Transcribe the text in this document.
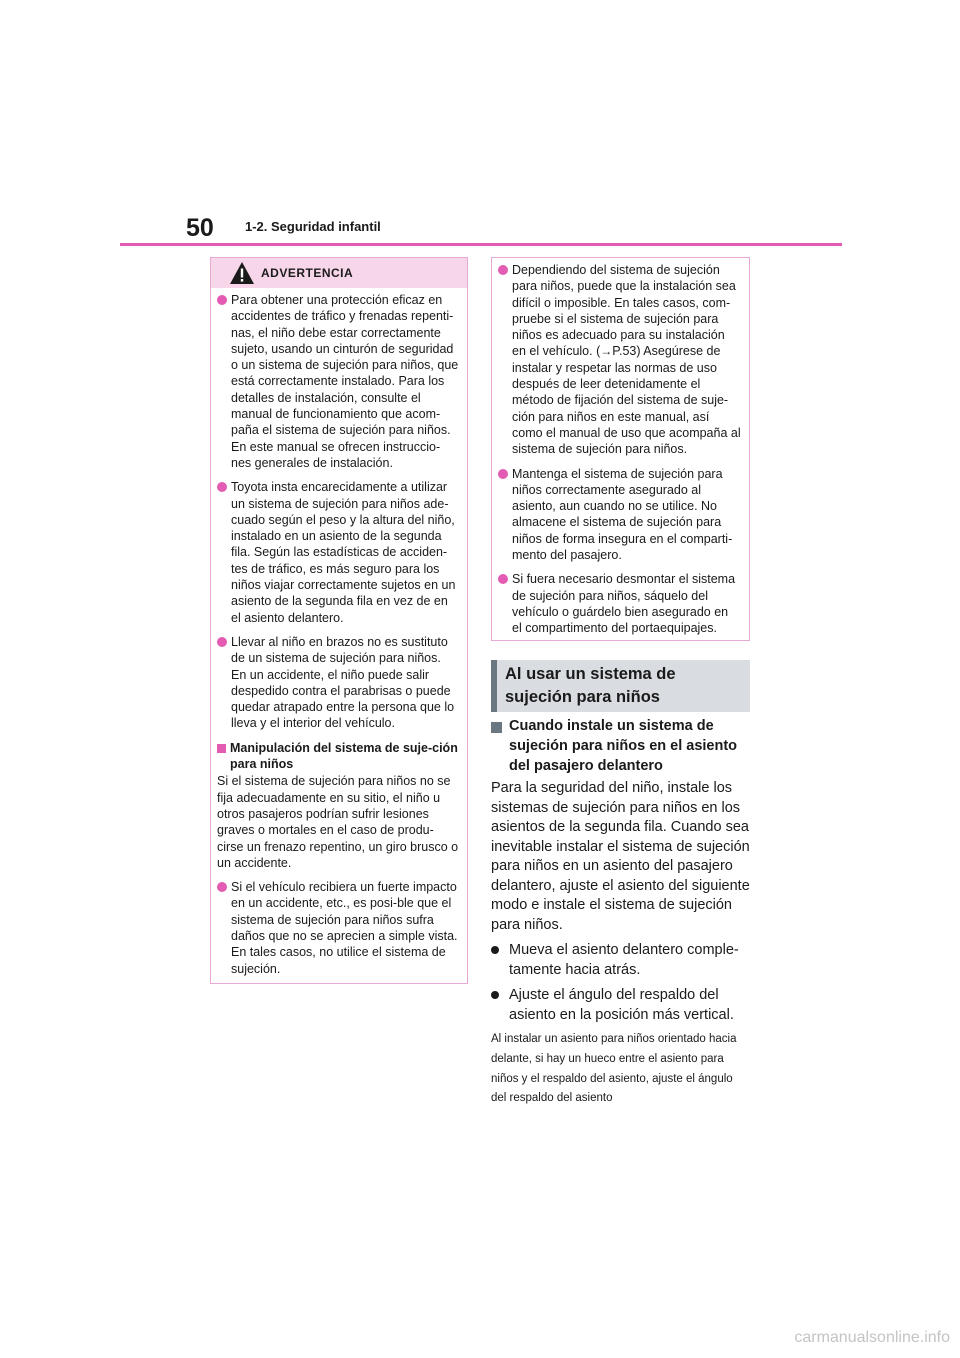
50 1-2. Seguridad infantil
ADVERTENCIA
Para obtener una protección eficaz en accidentes de tráfico y frenadas repenti-nas, el niño debe estar correctamente sujeto, usando un cinturón de seguridad o un sistema de sujeción para niños, que está correctamente instalado. Para los detalles de instalación, consulte el manual de funcionamiento que acom-paña el sistema de sujeción para niños. En este manual se ofrecen instruccio-nes generales de instalación.
Toyota insta encarecidamente a utilizar un sistema de sujeción para niños ade-cuado según el peso y la altura del niño, instalado en un asiento de la segunda fila. Según las estadísticas de acciden-tes de tráfico, es más seguro para los niños viajar correctamente sujetos en un asiento de la segunda fila en vez de en el asiento delantero.
Llevar al niño en brazos no es sustituto de un sistema de sujeción para niños. En un accidente, el niño puede salir despedido contra el parabrisas o puede quedar atrapado entre la persona que lo lleva y el interior del vehículo.
Manipulación del sistema de suje-ción para niños
Si el sistema de sujeción para niños no se fija adecuadamente en su sitio, el niño u otros pasajeros podrían sufrir lesiones graves o mortales en el caso de produ-cirse un frenazo repentino, un giro brusco o un accidente.
Si el vehículo recibiera un fuerte impacto en un accidente, etc., es posi-ble que el sistema de sujeción para niños sufra daños que no se aprecien a simple vista. En tales casos, no utilice el sistema de sujeción.
Dependiendo del sistema de sujeción para niños, puede que la instalación sea difícil o imposible. En tales casos, com-pruebe si el sistema de sujeción para niños es adecuado para su instalación en el vehículo. (→P.53) Asegúrese de instalar y respetar las normas de uso después de leer detenidamente el método de fijación del sistema de suje-ción para niños en este manual, así como el manual de uso que acompaña al sistema de sujeción para niños.
Mantenga el sistema de sujeción para niños correctamente asegurado al asiento, aun cuando no se utilice. No almacene el sistema de sujeción para niños de forma insegura en el comparti-mento del pasajero.
Si fuera necesario desmontar el sistema de sujeción para niños, sáquelo del vehículo o guárdelo bien asegurado en el compartimento del portaequipajes.
Al usar un sistema de sujeción para niños
Cuando instale un sistema de sujeción para niños en el asiento del pasajero delantero
Para la seguridad del niño, instale los sistemas de sujeción para niños en los asientos de la segunda fila. Cuando sea inevitable instalar el sistema de sujeción para niños en un asiento del pasajero delantero, ajuste el asiento del siguiente modo e instale el sistema de sujeción para niños.
Mueva el asiento delantero comple-tamente hacia atrás.
Ajuste el ángulo del respaldo del asiento en la posición más vertical.
Al instalar un asiento para niños orientado hacia delante, si hay un hueco entre el asiento para niños y el respaldo del asiento, ajuste el ángulo del respaldo del asiento
carmanualsonline.info
